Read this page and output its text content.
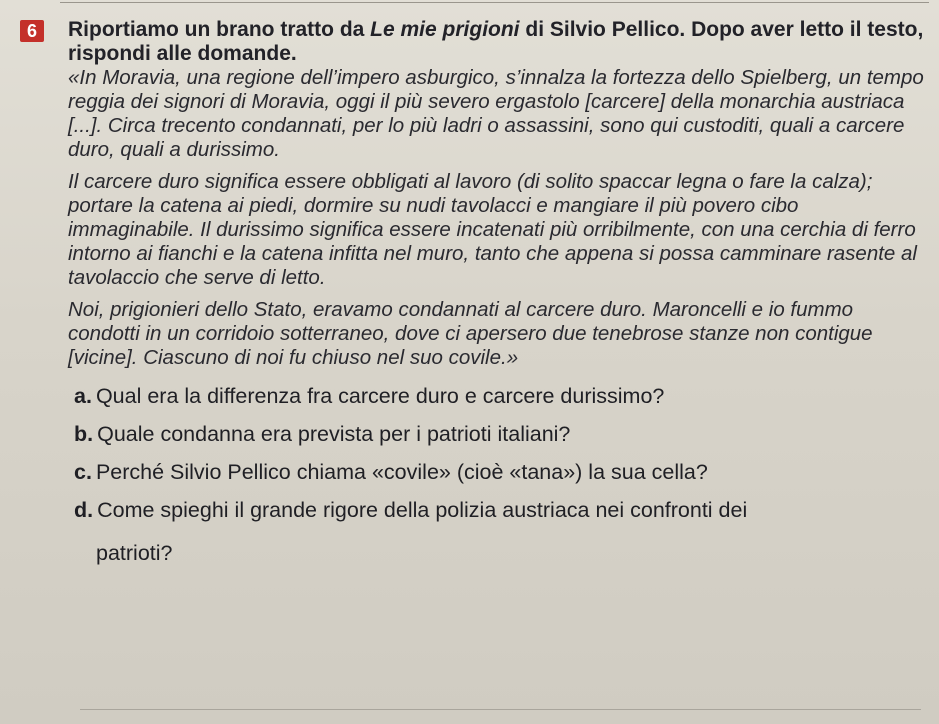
6	Riportiamo un brano tratto da Le mie prigioni di Silvio Pellico. Dopo aver letto il testo, rispondi alle domande.

«In Moravia, una regione dell’impero asburgico, s’innalza la fortezza dello Spielberg, un tempo reggia dei signori di Moravia, oggi il più severo ergastolo [carcere] della monarchia austriaca [...]. Circa trecento condannati, per lo più ladri o assassini, sono qui custoditi, quali a carcere duro, quali a durissimo.

Il carcere duro significa essere obbligati al lavoro (di solito spaccar legna o fare la calza); portare la catena ai piedi, dormire su nudi tavolacci e mangiare il più povero cibo immaginabile. Il durissimo significa essere incatenati più orribilmente, con una cerchia di ferro intorno ai fianchi e la catena infitta nel muro, tanto che appena si possa camminare rasente al tavolaccio che serve di letto.

Noi, prigionieri dello Stato, eravamo condannati al carcere duro. Maroncelli e io fummo condotti in un corridoio sotterraneo, dove ci apersero due tenebrose stanze non contigue [vicine]. Ciascuno di noi fu chiuso nel suo covile.»

a. Qual era la differenza fra carcere duro e carcere durissimo?
b. Quale condanna era prevista per i patrioti italiani?
c. Perché Silvio Pellico chiama «covile» (cioè «tana») la sua cella?
d. Come spieghi il grande rigore della polizia austriaca nei confronti dei
patrioti?
